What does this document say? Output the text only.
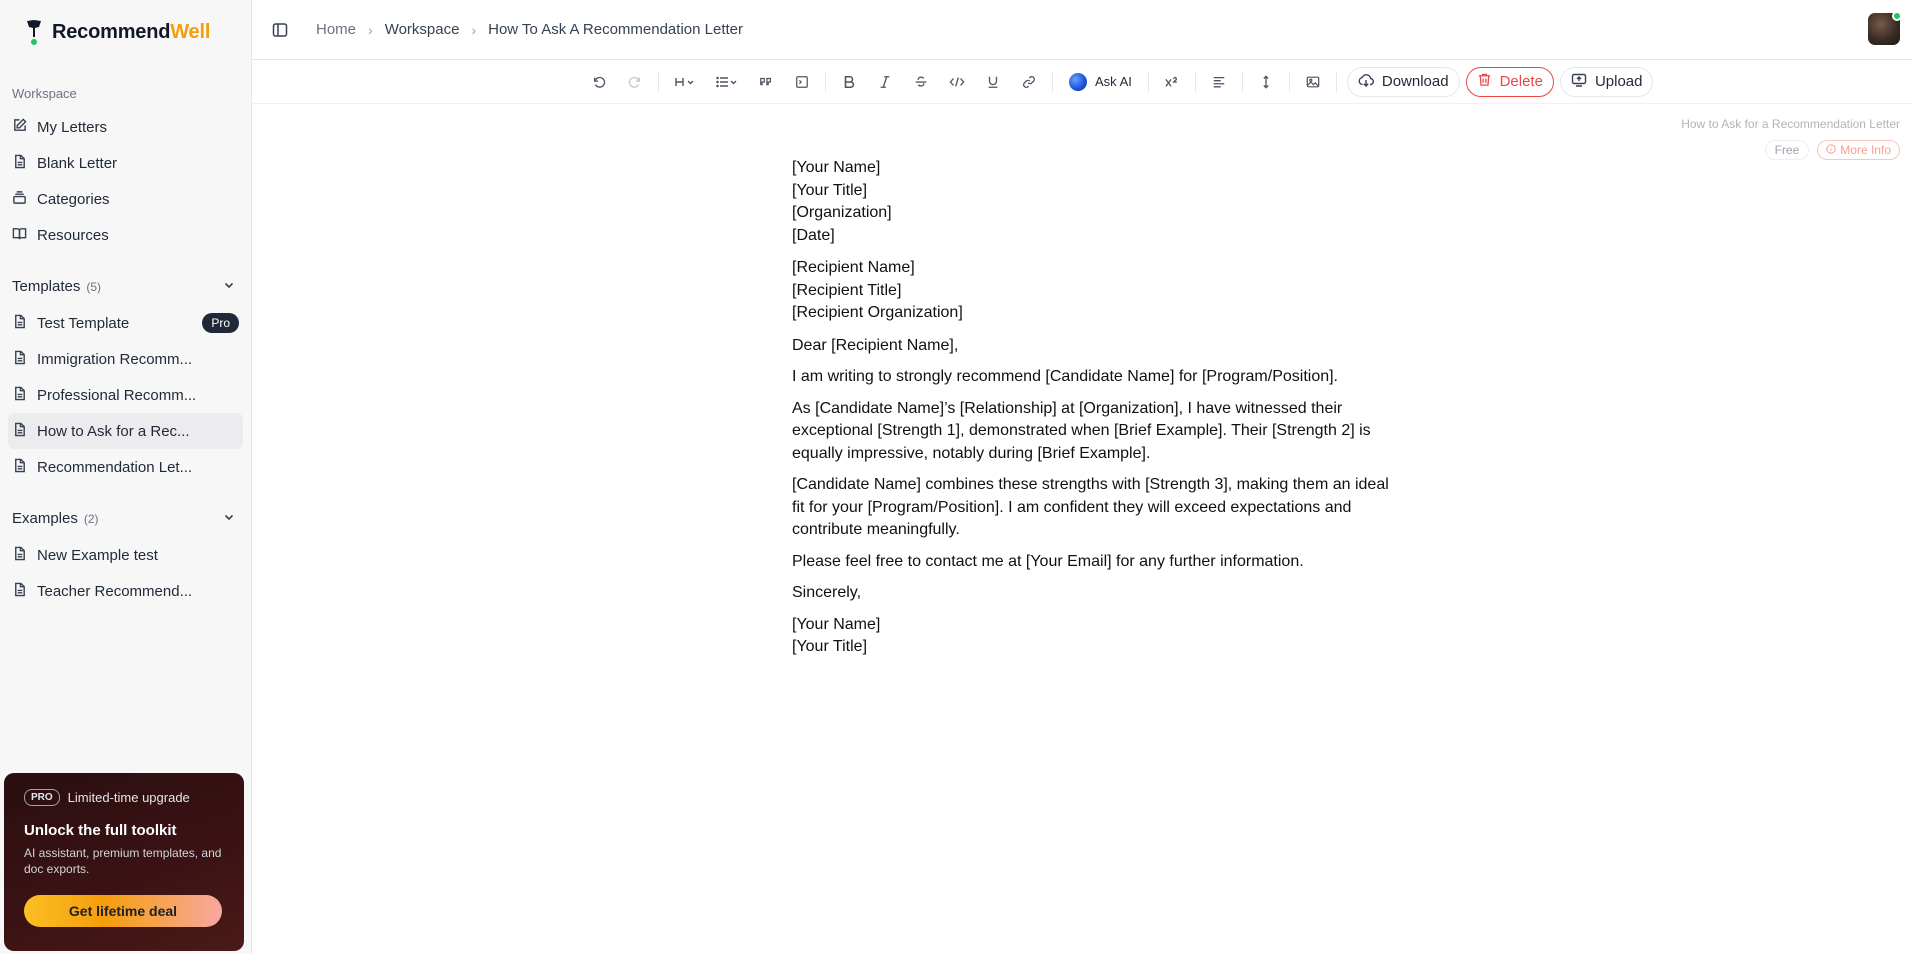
RecommendWell
Workspace
My Letters
Blank Letter
Categories
Resources
Templates (5)
Test Template	Pro
Immigration Recomm...
Professional Recomm...
How to Ask for a Rec...
Recommendation Let...
Examples (2)
New Example test
Teacher Recommend...
PRO	Limited-time upgrade
Unlock the full toolkit
AI assistant, premium templates, and doc exports.
Get lifetime deal
Home › Workspace › How To Ask A Recommendation Letter
Ask AI	Download	Delete	Upload
How to Ask for a Recommendation Letter
Free	More Info
[Your Name]
[Your Title]
[Organization]
[Date]
[Recipient Name]
[Recipient Title]
[Recipient Organization]

Dear [Recipient Name],

I am writing to strongly recommend [Candidate Name] for [Program/Position].

As [Candidate Name]’s [Relationship] at [Organization], I have witnessed their exceptional [Strength 1], demonstrated when [Brief Example]. Their [Strength 2] is equally impressive, notably during [Brief Example].

[Candidate Name] combines these strengths with [Strength 3], making them an ideal fit for your [Program/Position]. I am confident they will exceed expectations and contribute meaningfully.

Please feel free to contact me at [Your Email] for any further information.

Sincerely,

[Your Name]
[Your Title]
